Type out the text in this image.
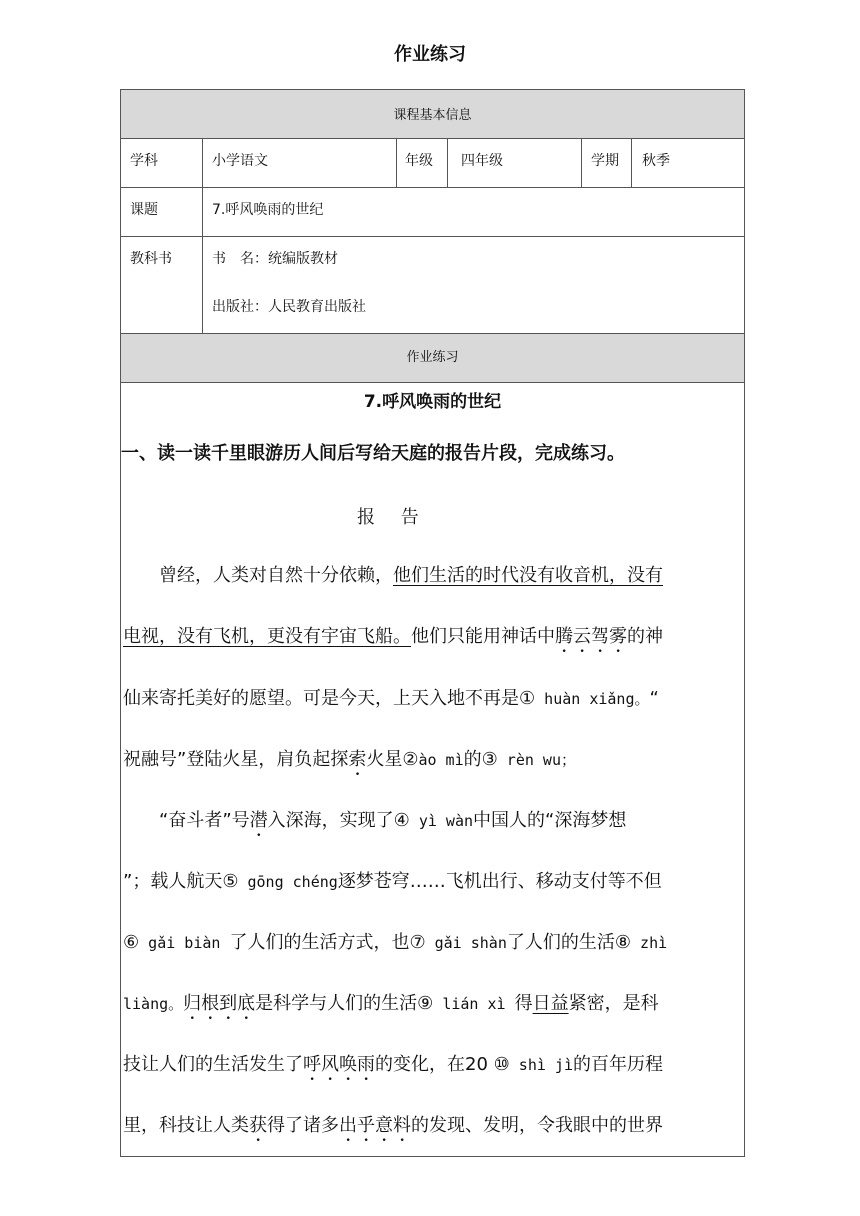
作业练习
课程基本信息
学科	小学语文	年级 四年级	学期 秋季
课题	7.呼风唤雨的世纪
教科书	书　名：统编版教材
出版社：人民教育出版社
作业练习
7.呼风唤雨的世纪
一、读一读千里眼游历人间后写给天庭的报告片段，完成练习。
报 告
　　曾经，人类对自然十分依赖，他们生活的时代没有收音机，没有
电视，没有飞机，更没有宇宙飞船。他们只能用神话中腾云驾雾的神
仙来寄托美好的愿望。可是今天，上天入地不再是① huàn xiǎng。“
祝融号”登陆火星，肩负起探索火星②ào mì的③ rèn wu；
　　“奋斗者”号潜入深海，实现了④ yì wàn中国人的“深海梦想
”；载人航天⑤ gōng chéng逐梦苍穹……飞机出行、移动支付等不但
⑥ gǎi biàn 了人们的生活方式，也⑦ gǎi shàn了人们的生活⑧ zhì
liàng。归根到底是科学与人们的生活⑨ lián xì 得日益紧密，是科
技让人们的生活发生了呼风唤雨的变化，在20 ⑩ shì jì的百年历程
里，科技让人类获得了诸多出乎意料的发现、发明，令我眼中的世界
